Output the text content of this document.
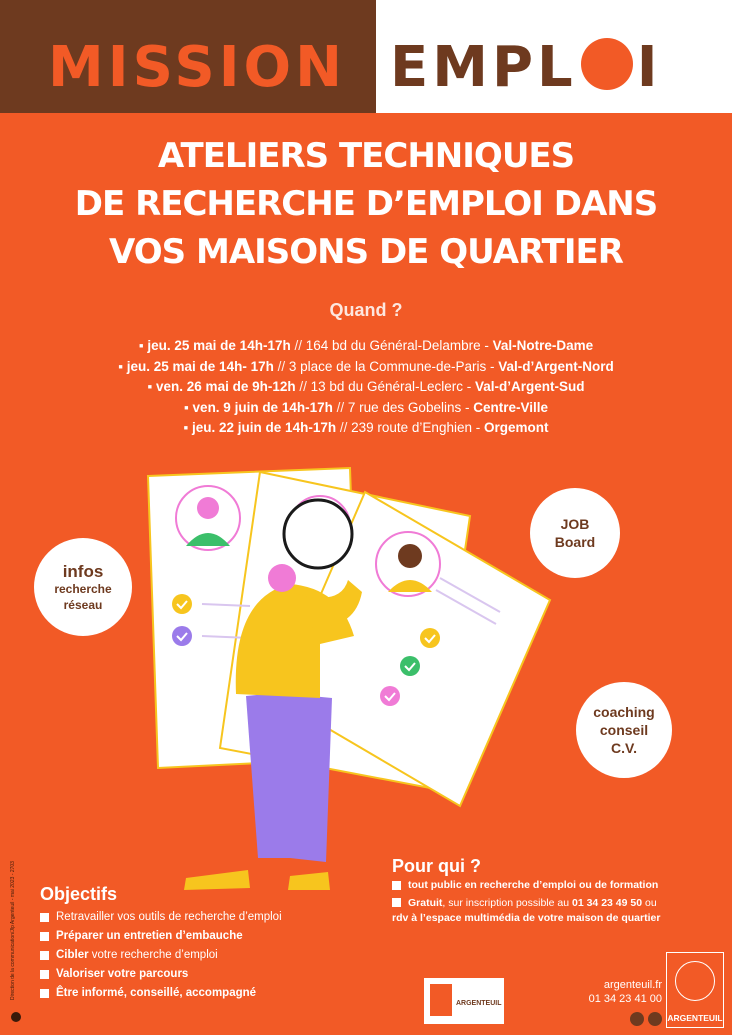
MISSION EMPL I
ATELIERS TECHNIQUES
DE RECHERCHE D’EMPLOI DANS
VOS MAISONS DE QUARTIER
Quand ?
▪ jeu. 25 mai de 14h-17h // 164 bd du Général-Delambre - Val-Notre-Dame
▪ jeu. 25 mai de 14h- 17h // 3 place de la Commune-de-Paris - Val-d’Argent-Nord
▪ ven. 26 mai de 9h-12h // 13 bd du Général-Leclerc - Val-d’Argent-Sud
▪ ven. 9 juin de 14h-17h // 7 rue des Gobelins - Centre-Ville
▪ jeu. 22 juin de 14h-17h // 239 route d’Enghien - Orgemont
infos
recherche
réseau
JOB
Board
coaching
conseil
C.V.
Pour qui ?
tout public en recherche d’emploi ou de formation
Gratuit, sur inscription possible au 01 34 23 49 50 ou
rdv à l’espace multimédia de votre maison de quartier
Objectifs
Retravailler vos outils de recherche d’emploi
Préparer un entretien d’embauche
Cibler votre recherche d’emploi
Valoriser votre parcours
Être informé, conseillé, accompagné
ARGENTEUIL
argenteuil.fr
01 34 23 41 00
ARGENTEUIL
Direction de la communication/Jlp Argenteuil - mai 2023 - 2703
